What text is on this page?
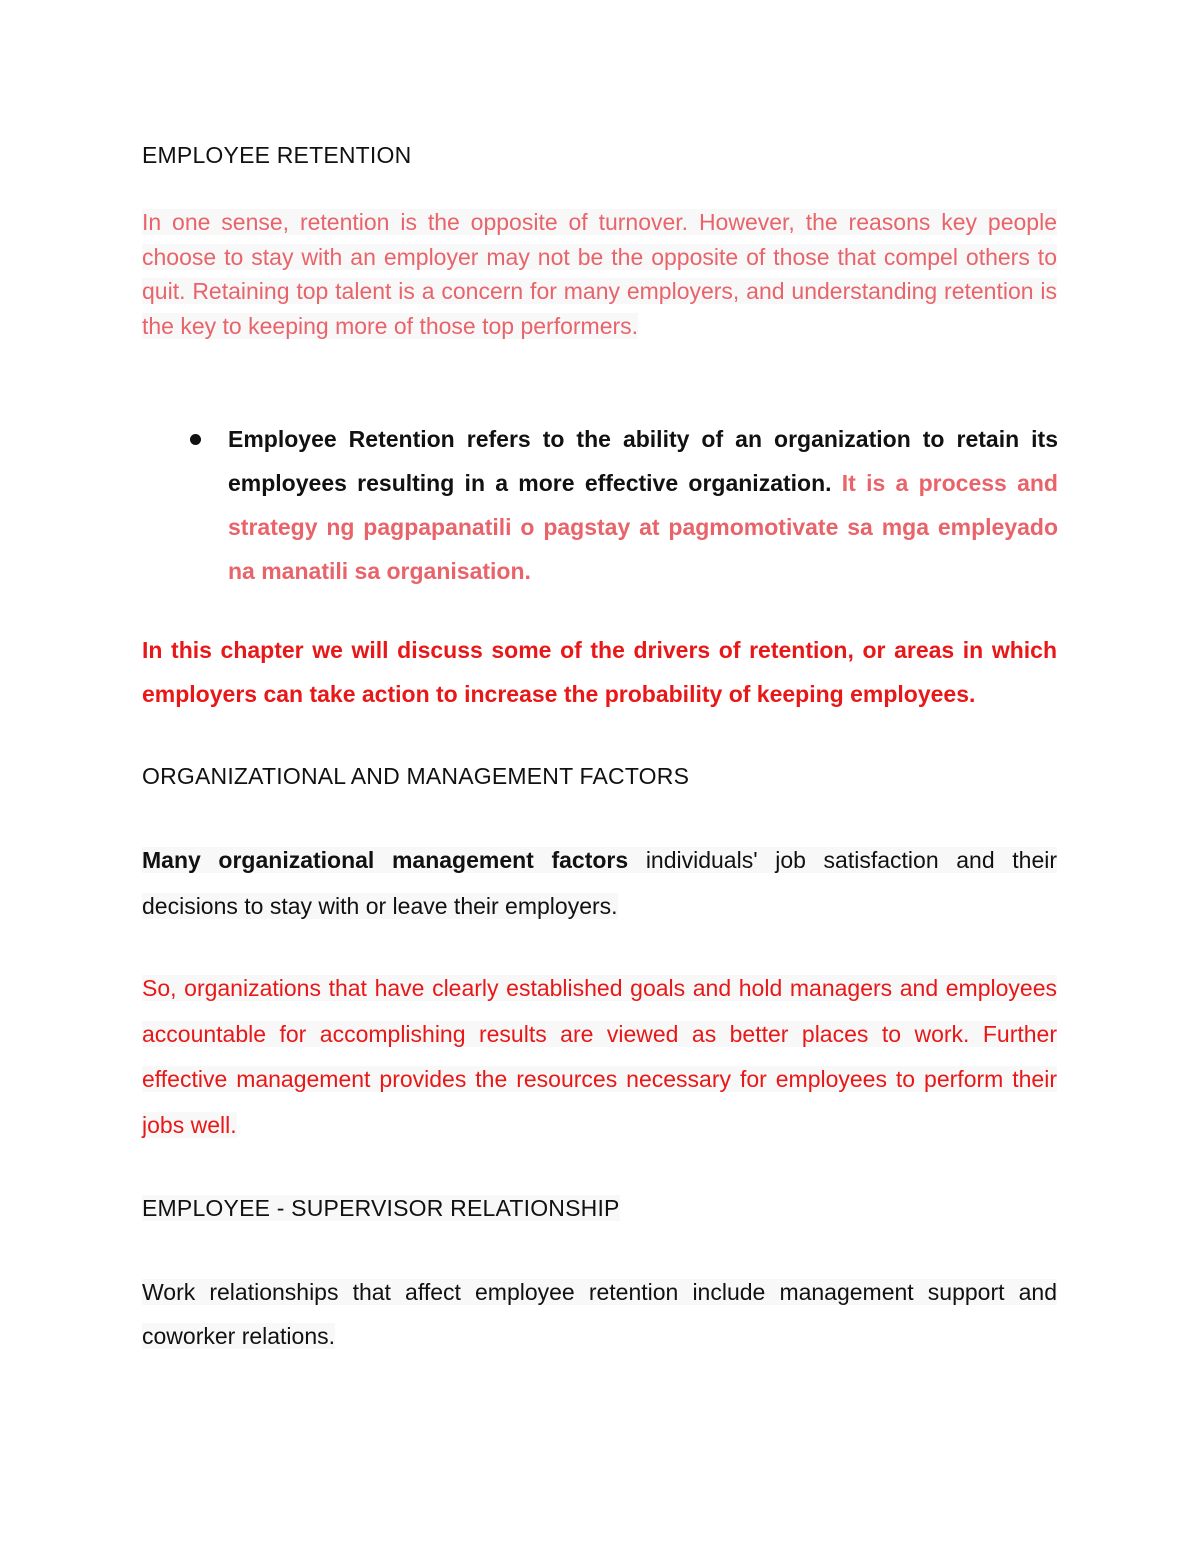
EMPLOYEE RETENTION

In one sense, retention is the opposite of turnover. However, the reasons key people choose to stay with an employer may not be the opposite of those that compel others to quit. Retaining top talent is a concern for many employers, and understanding retention is the key to keeping more of those top performers.

Employee Retention refers to the ability of an organization to retain its employees resulting in a more effective organization. It is a process and strategy ng pagpapanatili o pagstay at pagmomotivate sa mga empleyado na manatili sa organisation.

In this chapter we will discuss some of the drivers of retention, or areas in which employers can take action to increase the probability of keeping employees.

ORGANIZATIONAL AND MANAGEMENT FACTORS

Many organizational management factors individuals' job satisfaction and their decisions to stay with or leave their employers.

So, organizations that have clearly established goals and hold managers and employees accountable for accomplishing results are viewed as better places to work. Further effective management provides the resources necessary for employees to perform their jobs well.

EMPLOYEE - SUPERVISOR RELATIONSHIP

Work relationships that affect employee retention include management support and coworker relations.
